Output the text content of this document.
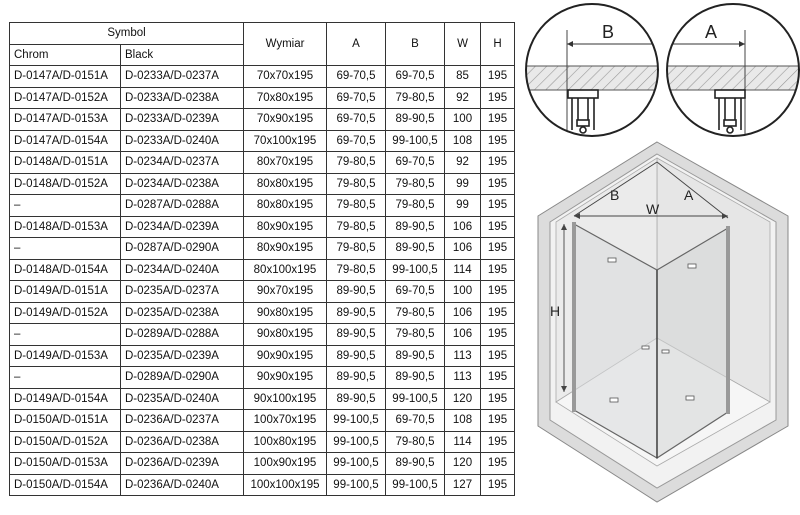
Symbol		Wymiar	A	B	W	H
Chrom	Black					
D-0147A/D-0151A	D-0233A/D-0237A	70x70x195	69-70,5	69-70,5	85	195
D-0147A/D-0152A	D-0233A/D-0238A	70x80x195	69-70,5	79-80,5	92	195
D-0147A/D-0153A	D-0233A/D-0239A	70x90x195	69-70,5	89-90,5	100	195
D-0147A/D-0154A	D-0233A/D-0240A	70x100x195	69-70,5	99-100,5	108	195
D-0148A/D-0151A	D-0234A/D-0237A	80x70x195	79-80,5	69-70,5	92	195
D-0148A/D-0152A	D-0234A/D-0238A	80x80x195	79-80,5	79-80,5	99	195
–	D-0287A/D-0288A	80x80x195	79-80,5	79-80,5	99	195
D-0148A/D-0153A	D-0234A/D-0239A	80x90x195	79-80,5	89-90,5	106	195
–	D-0287A/D-0290A	80x90x195	79-80,5	89-90,5	106	195
D-0148A/D-0154A	D-0234A/D-0240A	80x100x195	79-80,5	99-100,5	114	195
D-0149A/D-0151A	D-0235A/D-0237A	90x70x195	89-90,5	69-70,5	100	195
D-0149A/D-0152A	D-0235A/D-0238A	90x80x195	89-90,5	79-80,5	106	195
–	D-0289A/D-0288A	90x80x195	89-90,5	79-80,5	106	195
D-0149A/D-0153A	D-0235A/D-0239A	90x90x195	89-90,5	89-90,5	113	195
–	D-0289A/D-0290A	90x90x195	89-90,5	89-90,5	113	195
D-0149A/D-0154A	D-0235A/D-0240A	90x100x195	89-90,5	99-100,5	120	195
D-0150A/D-0151A	D-0236A/D-0237A	100x70x195	99-100,5	69-70,5	108	195
D-0150A/D-0152A	D-0236A/D-0238A	100x80x195	99-100,5	79-80,5	114	195
D-0150A/D-0153A	D-0236A/D-0239A	100x90x195	99-100,5	89-90,5	120	195
D-0150A/D-0154A	D-0236A/D-0240A	100x100x195	99-100,5	99-100,5	127	195
B	A
B	A
W
H
